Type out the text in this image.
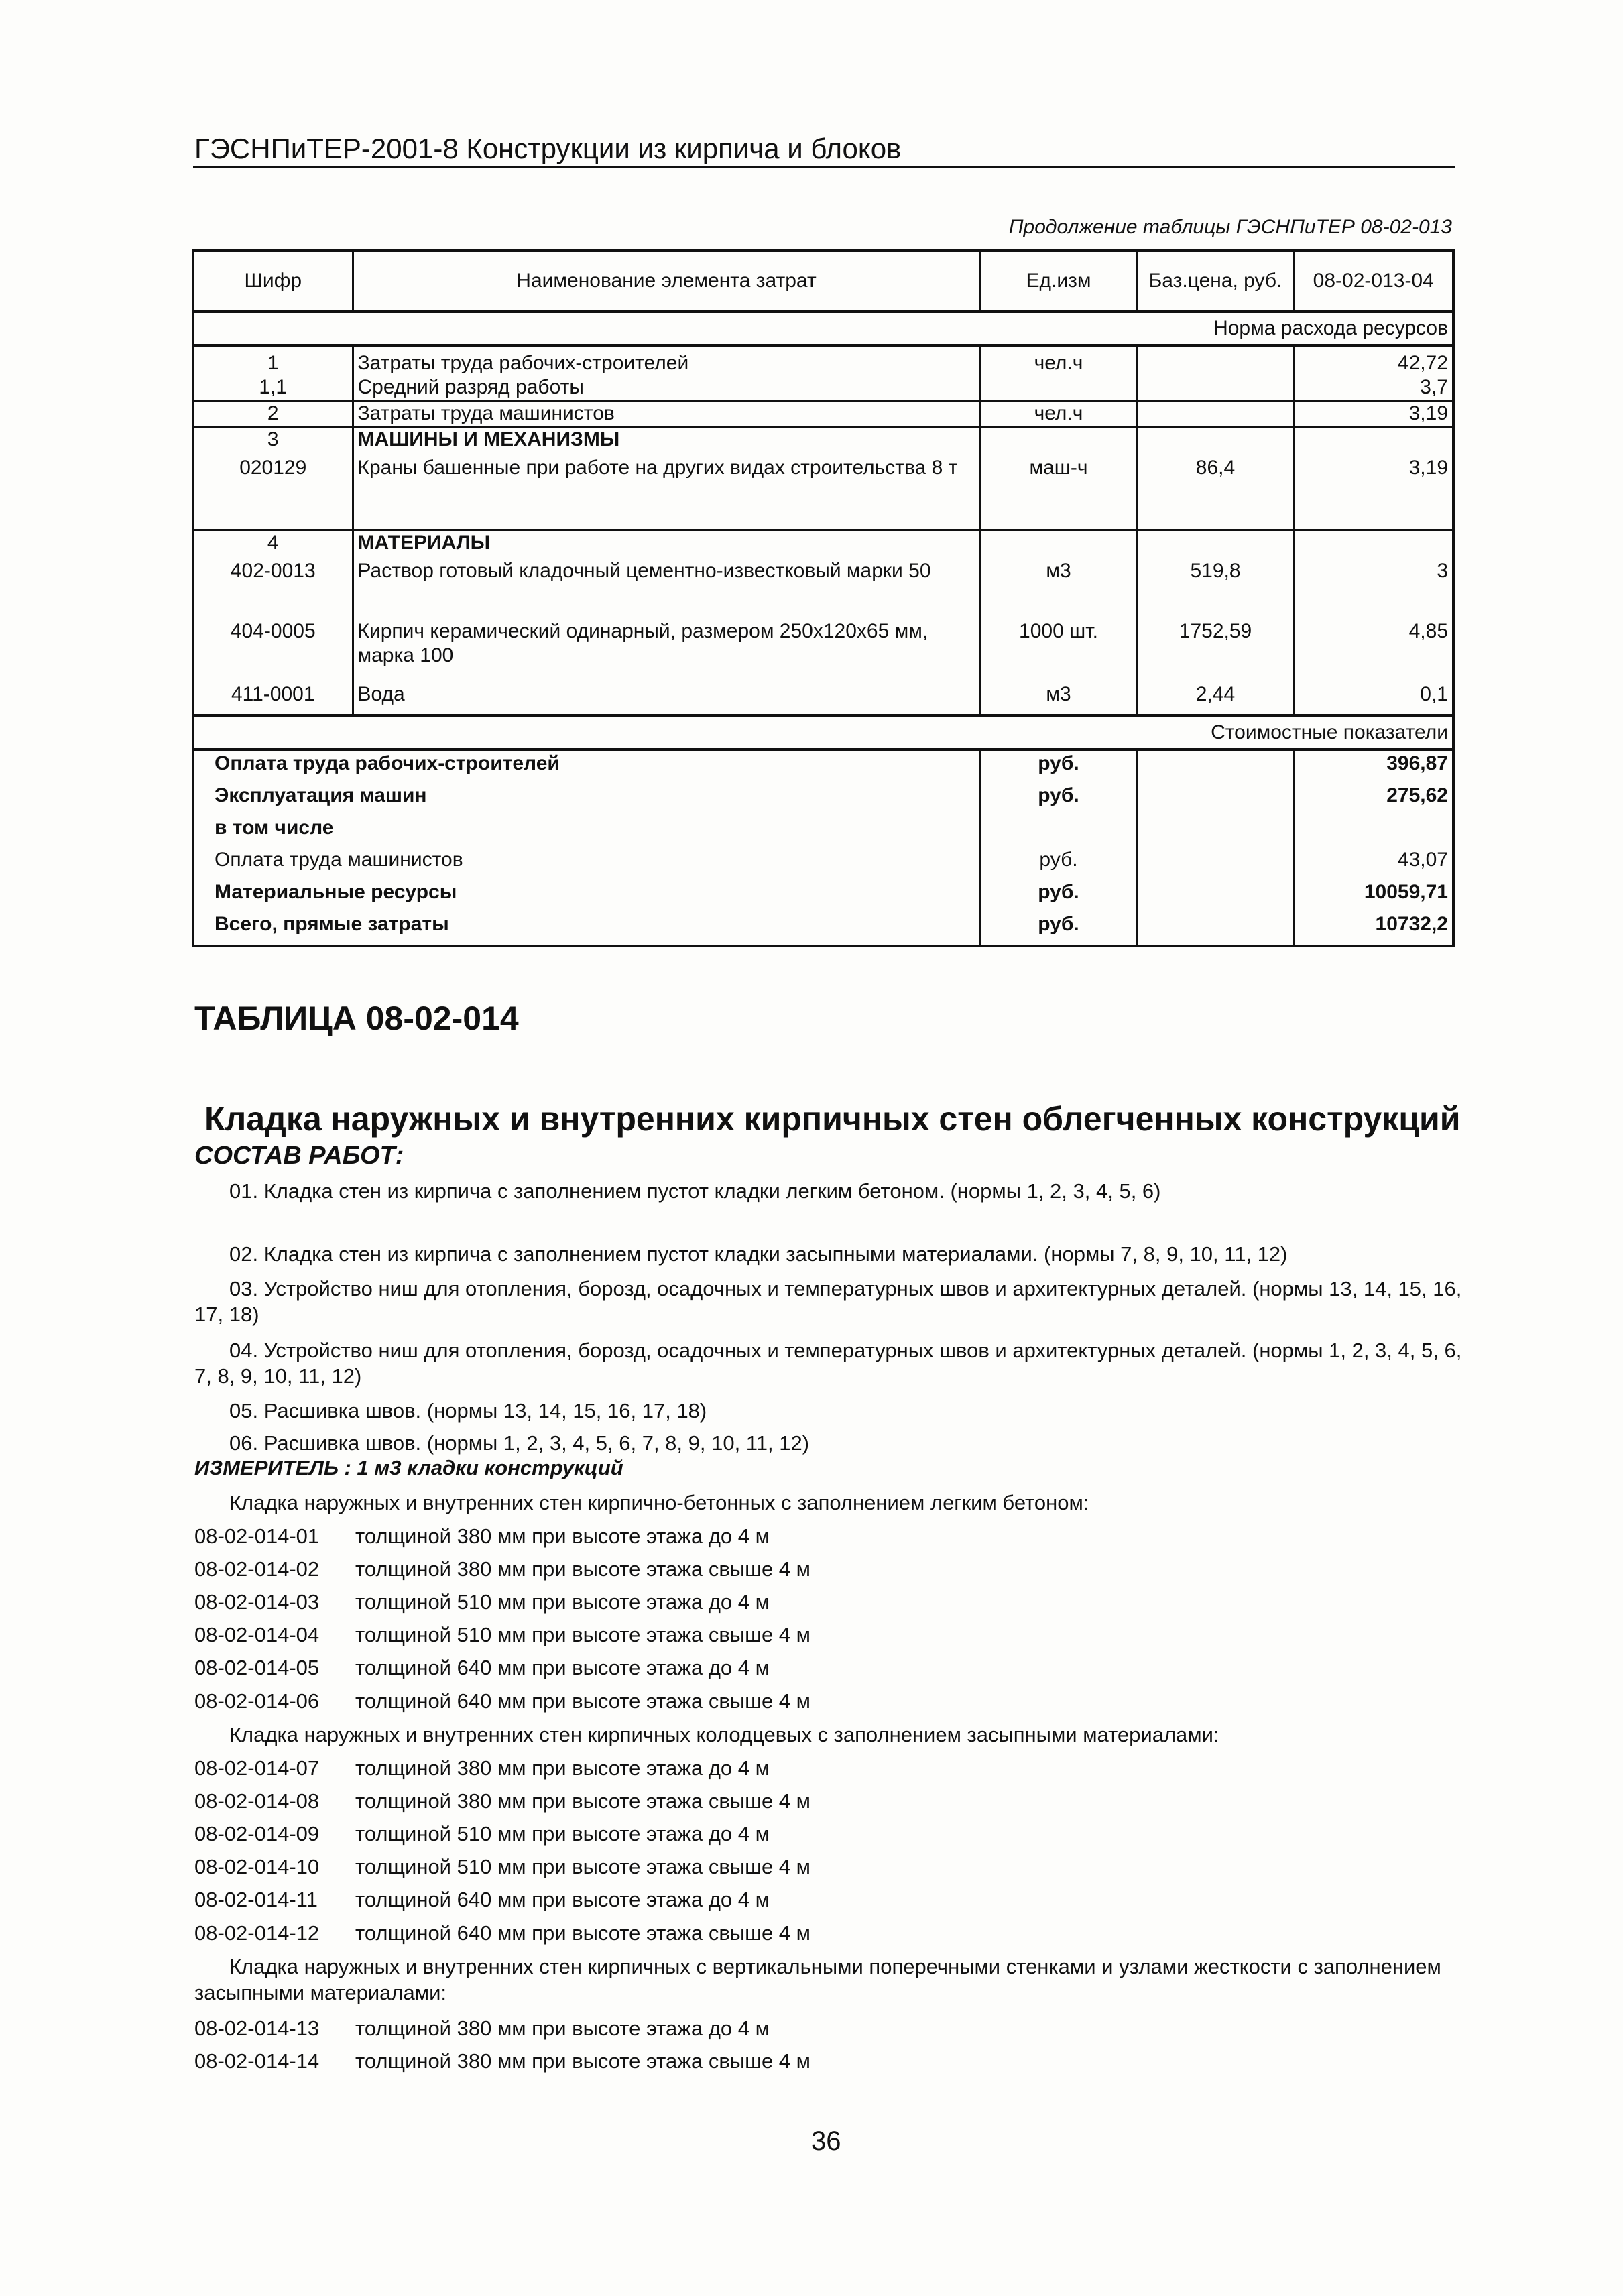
ГЭСНПиТЕР-2001-8 Конструкции из кирпича и блоков
Продолжение таблицы ГЭСНПиТЕР 08-02-013
Шифр	Наименование элемента затрат	Ед.изм	Баз.цена, руб.	08-02-013-04
Норма расхода ресурсов				
1	Затраты труда рабочих-строителей	чел.ч		42,72
1,1	Средний разряд работы			3,7
2	Затраты труда машинистов	чел.ч		3,19
3	МАШИНЫ И МЕХАНИЗМЫ			
020129	Краны башенные при работе на других видах строительства 8 т	маш-ч	86,4	3,19
4	МАТЕРИАЛЫ			
402-0013	Раствор готовый кладочный цементно-известковый марки 50	м3	519,8	3
404-0005	Кирпич керамический одинарный, размером 250х120х65 мм, марка 100	1000 шт.	1752,59	4,85
411-0001	Вода	м3	2,44	0,1
Стоимостные показатели				
Оплата труда рабочих-строителей		руб.		396,87
Эксплуатация машин		руб.		275,62
в том числе				
Оплата труда машинистов		руб.		43,07
Материальные ресурсы		руб.		10059,71
Всего, прямые затраты		руб.		10732,2
ТАБЛИЦА 08-02-014
Кладка наружных и внутренних кирпичных стен облегченных конструкций
СОСТАВ РАБОТ:
01. Кладка стен из кирпича с заполнением пустот кладки легким бетоном. (нормы 1, 2, 3, 4, 5, 6)
02. Кладка стен из кирпича с заполнением пустот кладки засыпными материалами. (нормы 7, 8, 9, 10, 11, 12)
03. Устройство ниш для отопления, борозд, осадочных и температурных швов и архитектурных деталей. (нормы 13, 14, 15, 16, 17, 18)
04. Устройство ниш для отопления, борозд, осадочных и температурных швов и архитектурных деталей. (нормы 1, 2, 3, 4, 5, 6, 7, 8, 9, 10, 11, 12)
05. Расшивка швов. (нормы 13, 14, 15, 16, 17, 18)
06. Расшивка швов. (нормы 1, 2, 3, 4, 5, 6, 7, 8, 9, 10, 11, 12)
ИЗМЕРИТЕЛЬ : 1 м3 кладки конструкций
Кладка наружных и внутренних стен кирпично-бетонных с заполнением легким бетоном:
08-02-014-01 толщиной 380 мм при высоте этажа до 4 м
08-02-014-02 толщиной 380 мм при высоте этажа свыше 4 м
08-02-014-03 толщиной 510 мм при высоте этажа до 4 м
08-02-014-04 толщиной 510 мм при высоте этажа свыше 4 м
08-02-014-05 толщиной 640 мм при высоте этажа до 4 м
08-02-014-06 толщиной 640 мм при высоте этажа свыше 4 м
Кладка наружных и внутренних стен кирпичных колодцевых с заполнением засыпными материалами:
08-02-014-07 толщиной 380 мм при высоте этажа до 4 м
08-02-014-08 толщиной 380 мм при высоте этажа свыше 4 м
08-02-014-09 толщиной 510 мм при высоте этажа до 4 м
08-02-014-10 толщиной 510 мм при высоте этажа свыше 4 м
08-02-014-11 толщиной 640 мм при высоте этажа до 4 м
08-02-014-12 толщиной 640 мм при высоте этажа свыше 4 м
Кладка наружных и внутренних стен кирпичных с вертикальными поперечными стенками и узлами жесткости с заполнением засыпными материалами:
08-02-014-13 толщиной 380 мм при высоте этажа до 4 м
08-02-014-14 толщиной 380 мм при высоте этажа свыше 4 м
36
